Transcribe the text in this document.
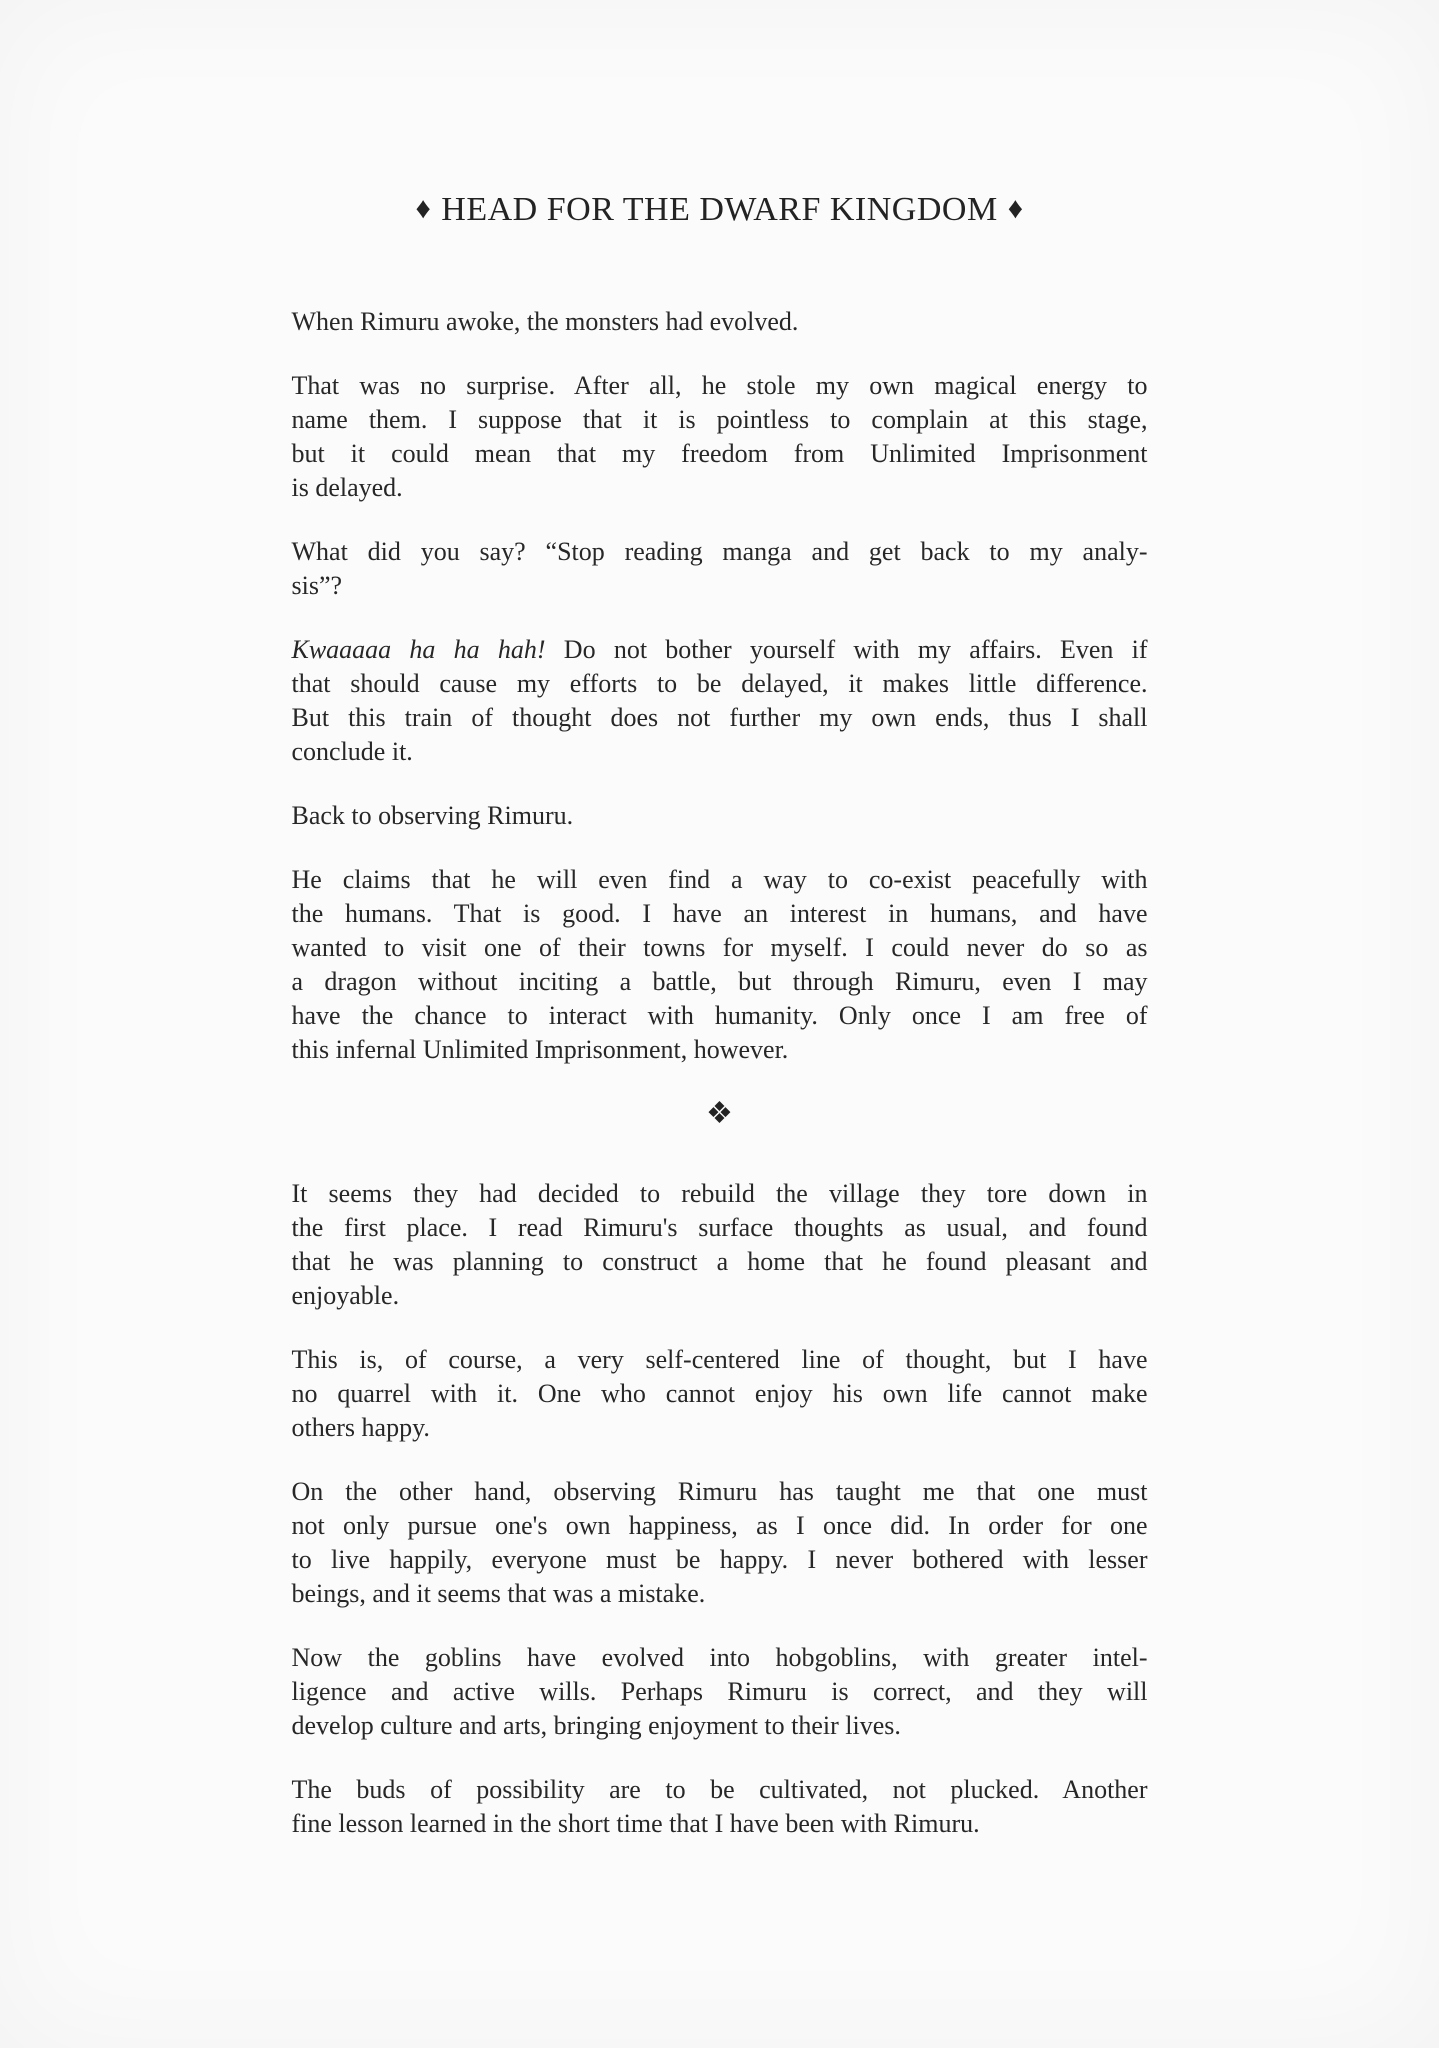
♦ HEAD FOR THE DWARF KINGDOM ♦
When Rimuru awoke, the monsters had evolved.
That was no surprise. After all, he stole my own magical energy to
name them. I suppose that it is pointless to complain at this stage,
but it could mean that my freedom from Unlimited Imprisonment
is delayed.
What did you say? “Stop reading manga and get back to my analy-
sis”?
Kwaaaaa ha ha hah! Do not bother yourself with my affairs. Even if
that should cause my efforts to be delayed, it makes little difference.
But this train of thought does not further my own ends, thus I shall
conclude it.
Back to observing Rimuru.
He claims that he will even find a way to co-exist peacefully with
the humans. That is good. I have an interest in humans, and have
wanted to visit one of their towns for myself. I could never do so as
a dragon without inciting a battle, but through Rimuru, even I may
have the chance to interact with humanity. Only once I am free of
this infernal Unlimited Imprisonment, however.
❖
It seems they had decided to rebuild the village they tore down in
the first place. I read Rimuru's surface thoughts as usual, and found
that he was planning to construct a home that he found pleasant and
enjoyable.
This is, of course, a very self-centered line of thought, but I have
no quarrel with it. One who cannot enjoy his own life cannot make
others happy.
On the other hand, observing Rimuru has taught me that one must
not only pursue one's own happiness, as I once did. In order for one
to live happily, everyone must be happy. I never bothered with lesser
beings, and it seems that was a mistake.
Now the goblins have evolved into hobgoblins, with greater intel-
ligence and active wills. Perhaps Rimuru is correct, and they will
develop culture and arts, bringing enjoyment to their lives.
The buds of possibility are to be cultivated, not plucked. Another
fine lesson learned in the short time that I have been with Rimuru.
